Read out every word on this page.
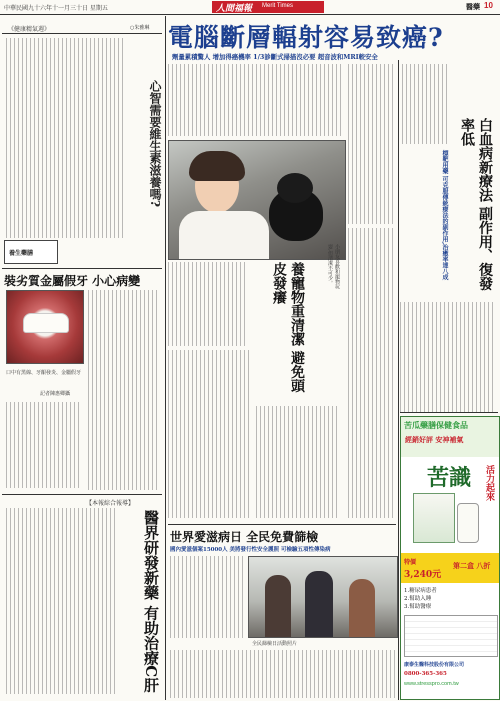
中華民國九十六年十一月三十日 星期五	人間福報 Merit Times	醫藥 10
《健康精氣週》	○朱雅琳
心智需要維生素滋養嗎?
養生藥膳
裝劣質金屬假牙 小心病變
口中有黑線、牙齦發炎、金屬假牙
記者陳惠卿攝
【本報綜合報導】
醫界研發新藥 有助治療C肝
電腦斷層輻射容易致癌?
劑量累積驚人 增加得癌機率 1/3診斷式掃描沒必要 超音波和MRI較安全
小朋友喜歡和寵物玩耍,但清潔不可少。
養寵物重清潔 避免頭皮發癢	白血病新療法 副作用、復發率低
標靶用藥 可克服傳統療法的副作用,治癒率達八成
世界愛滋病日 全民免費篩檢
國內愛滋個案15000人 美將發行性安全護照 可檢驗五項性傳染病
全民篩檢日活動照片
苦瓜藥膳保健食品
經銷好評 安神補氣
苦識 活力起來
特價
3,240元
第二盒 八折
1.糖尿病患者
2.幫助入睡
3.幫助醫療
康泰生醫科技股份有限公司
0800-365-365
www.stresspro.com.tw
